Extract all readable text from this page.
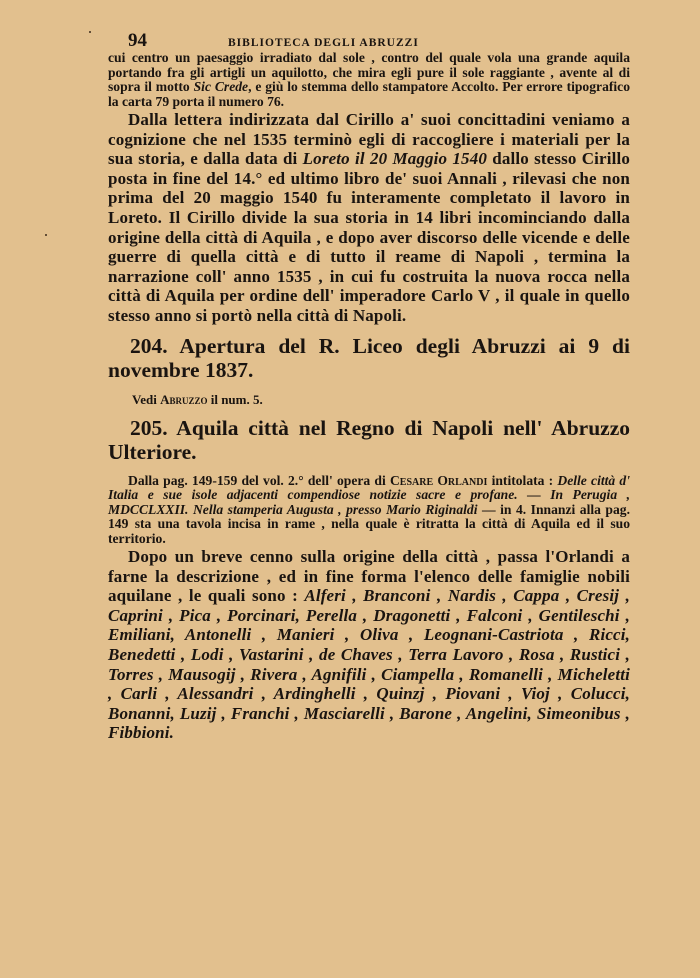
94	BIBLIOTECA DEGLI ABRUZZI

cui centro un paesaggio irradiato dal sole , contro del quale vola una grande aquila portando fra gli artigli un aquilotto, che mira egli pure il sole raggiante , avente al di sopra il motto Sic Crede, e giù lo stemma dello stampatore Accolto. Per errore tipografico la carta 79 porta il numero 76.

Dalla lettera indirizzata dal Cirillo a' suoi concittadini veniamo a cognizione che nel 1535 terminò egli di raccogliere i materiali per la sua storia, e dalla data di Loreto il 20 Maggio 1540 dallo stesso Cirillo posta in fine del 14.° ed ultimo libro de' suoi Annali , rilevasi che non prima del 20 maggio 1540 fu interamente completato il lavoro in Loreto. Il Cirillo divide la sua storia in 14 libri incominciando dalla origine della città di Aquila , e dopo aver discorso delle vicende e delle guerre di quella città e di tutto il reame di Napoli , termina la narrazione coll' anno 1535 , in cui fu costruita la nuova rocca nella città di Aquila per ordine dell' imperadore Carlo V , il quale in quello stesso anno si portò nella città di Napoli.

204. Apertura del R. Liceo degli Abruzzi ai 9 di novembre 1837.

Vedi Abruzzo il num. 5.

205. Aquila città nel Regno di Napoli nell' Abruzzo Ulteriore.

Dalla pag. 149-159 del vol. 2.° dell' opera di Cesare Orlandi intitolata : Delle città d' Italia e sue isole adjacenti compendiose notizie sacre e profane. — In Perugia , MDCCLXXII. Nella stamperia Augusta , presso Mario Riginaldi — in 4. Innanzi alla pag. 149 sta una tavola incisa in rame , nella quale è ritratta la città di Aquila ed il suo territorio.

Dopo un breve cenno sulla origine della città , passa l'Orlandi a farne la descrizione , ed in fine forma l'elenco delle famiglie nobili aquilane , le quali sono : Alferi , Branconi , Nardis , Cappa , Cresij , Caprini , Pica , Porcinari, Perella , Dragonetti , Falconi , Gentileschi , Emiliani, Antonelli , Manieri , Oliva , Leognani-Castriota , Ricci, Benedetti , Lodi , Vastarini , de Chaves , Terra Lavoro , Rosa , Rustici , Torres , Mausogij , Rivera , Agnifili , Ciampella , Romanelli , Micheletti , Carli , Alessandri , Ardinghelli , Quinzj , Piovani , Vioj , Colucci, Bonanni, Luzij , Franchi , Masciarelli , Barone , Angelini, Simeonibus , Fibbioni.
